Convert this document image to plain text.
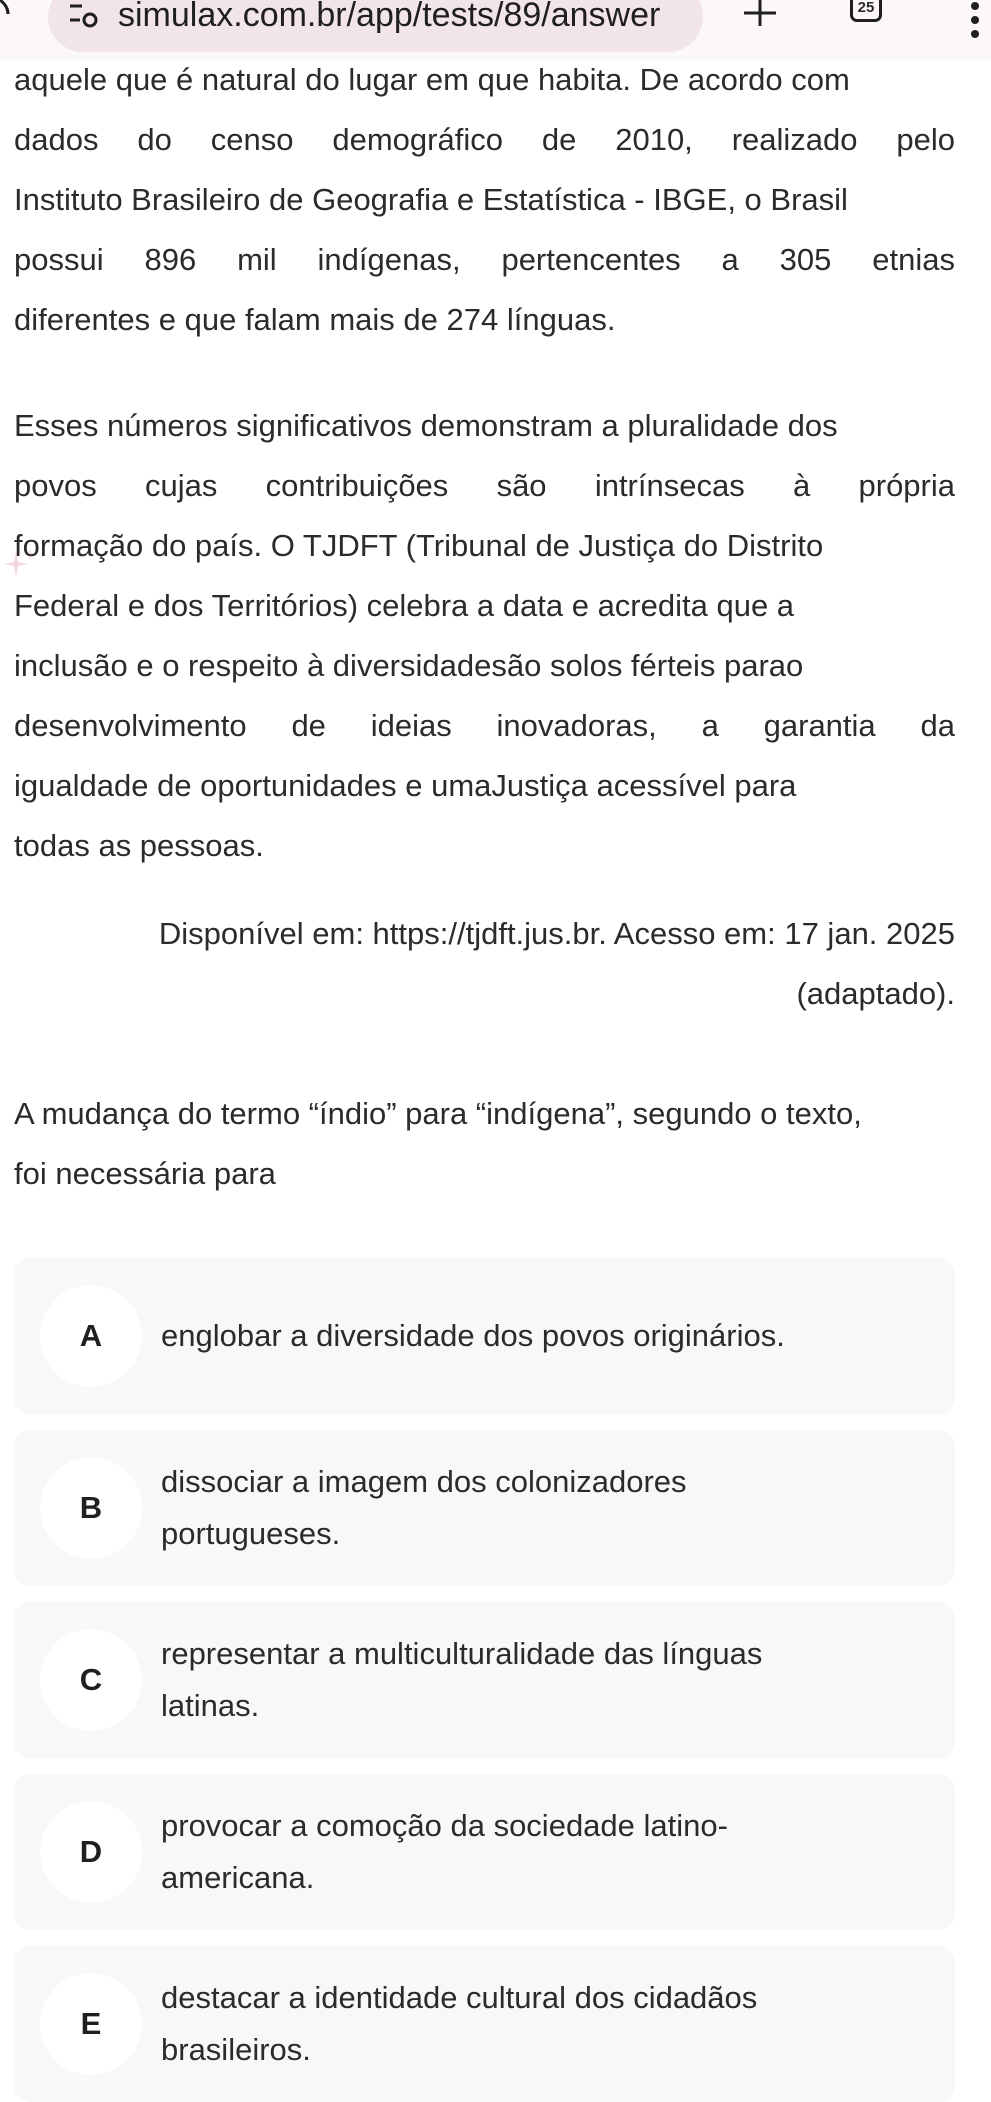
simulax.com.br/app/tests/89/answer	25
aquele que é natural do lugar em que habita. De acordo com
dados do censo demográfico de 2010, realizado pelo
Instituto Brasileiro de Geografia e Estatística - IBGE, o Brasil
possui 896 mil indígenas, pertencentes a 305 etnias
diferentes e que falam mais de 274 línguas.
Esses números significativos demonstram a pluralidade dos
povos cujas contribuições são intrínsecas à própria
formação do país. O TJDFT (Tribunal de Justiça do Distrito
Federal e dos Territórios) celebra a data e acredita que a
inclusão e o respeito à diversidadesão solos férteis parao
desenvolvimento de ideias inovadoras, a garantia da
igualdade de oportunidades e umaJustiça acessível para
todas as pessoas.
Disponível em: https://tjdft.jus.br. Acesso em: 17 jan. 2025
(adaptado).
A mudança do termo “índio” para “indígena”, segundo o texto,
foi necessária para
A	englobar a diversidade dos povos originários.
B
dissociar a imagem dos colonizadores portugueses.
C
representar a multiculturalidade das línguas latinas.
D
provocar a comoção da sociedade latino-americana.
E
destacar a identidade cultural dos cidadãos brasileiros.
